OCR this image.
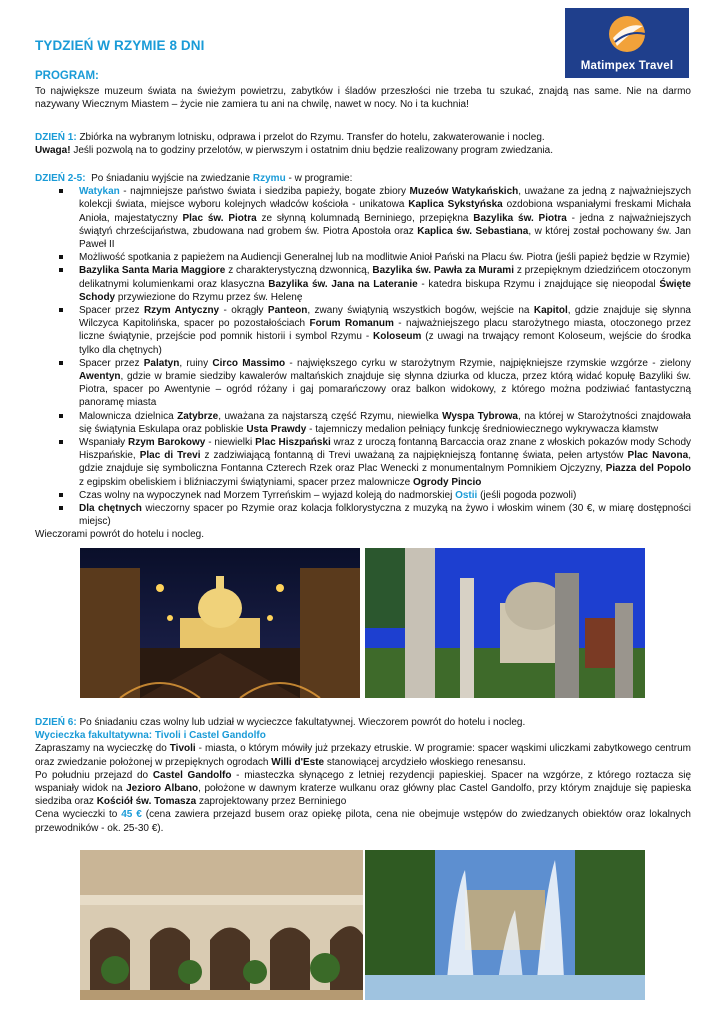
TYDZIEŃ W RZYMIE 8 DNI
Matimpex Travel
PROGRAM:
To największe muzeum świata na świeżym powietrzu, zabytków i śladów przeszłości nie trzeba tu szukać, znajdą nas same. Nie na darmo nazywany Wiecznym Miastem – życie nie zamiera tu ani na chwilę, nawet w nocy. No i ta kuchnia!
DZIEŃ 1: Zbiórka na wybranym lotnisku, odprawa i przelot do Rzymu. Transfer do hotelu, zakwaterowanie i nocleg.
Uwaga! Jeśli pozwolą na to godziny przelotów, w pierwszym i ostatnim dniu będzie realizowany program zwiedzania.
DZIEŃ 2-5: Po śniadaniu wyjście na zwiedzanie Rzymu - w programie:
Watykan - najmniejsze państwo świata i siedziba papieży, bogate zbiory Muzeów Watykańskich, uważane za jedną z najważniejszych kolekcji świata, miejsce wyboru kolejnych władców kościoła - unikatowa Kaplica Sykstyńska ozdobiona wspaniałymi freskami Michała Anioła, majestatyczny Plac św. Piotra ze słynną kolumnadą Berniniego, przepiękna Bazylika św. Piotra - jedna z najważniejszych świątyń chrześcijaństwa, zbudowana nad grobem św. Piotra Apostoła oraz Kaplica św. Sebastiana, w której został pochowany św. Jan Paweł II
Możliwość spotkania z papieżem na Audiencji Generalnej lub na modlitwie Anioł Pański na Placu św. Piotra (jeśli papież będzie w Rzymie)
Bazylika Santa Maria Maggiore z charakterystyczną dzwonnicą, Bazylika św. Pawła za Murami z przepięknym dziedzińcem otoczonym delikatnymi kolumienkami oraz klasyczna Bazylika św. Jana na Lateranie - katedra biskupa Rzymu i znajdujące się nieopodal Święte Schody przywiezione do Rzymu przez św. Helenę
Spacer przez Rzym Antyczny - okrągły Panteon, zwany świątynią wszystkich bogów, wejście na Kapitol, gdzie znajduje się słynna Wilczyca Kapitolińska, spacer po pozostałościach Forum Romanum - najważniejszego placu starożytnego miasta, otoczonego przez liczne świątynie, przejście pod pomnik historii i symbol Rzymu - Koloseum (z uwagi na trwający remont Koloseum, wejście do środka tylko dla chętnych)
Spacer przez Palatyn, ruiny Circo Massimo - największego cyrku w starożytnym Rzymie, najpiękniejsze rzymskie wzgórze - zielony Awentyn, gdzie w bramie siedziby kawalerów maltańskich znajduje się słynna dziurka od klucza, przez którą widać kopułę Bazyliki św. Piotra, spacer po Awentynie – ogród różany i gaj pomarańczowy oraz balkon widokowy, z którego można podziwiać fantastyczną panoramę miasta
Malownicza dzielnica Zatybrze, uważana za najstarszą część Rzymu, niewielka Wyspa Tybrowa, na której w Starożytności znajdowała się świątynia Eskulapa oraz pobliskie Usta Prawdy - tajemniczy medalion pełniący funkcję średniowiecznego wykrywacza kłamstw
Wspaniały Rzym Barokowy - niewielki Plac Hiszpański wraz z uroczą fontanną Barcaccia oraz znane z włoskich pokazów mody Schody Hiszpańskie, Plac di Trevi z zadziwiającą fontanną di Trevi uważaną za najpiękniejszą fontannę świata, pełen artystów Plac Navona, gdzie znajduje się symboliczna Fontanna Czterech Rzek oraz Plac Wenecki z monumentalnym Pomnikiem Ojczyzny, Piazza del Popolo z egipskim obeliskiem i bliźniaczymi świątyniami, spacer przez malownicze Ogrody Pincio
Czas wolny na wypoczynek nad Morzem Tyrreńskim – wyjazd koleją do nadmorskiej Ostii (jeśli pogoda pozwoli)
Dla chętnych wieczorny spacer po Rzymie oraz kolacja folklorystyczna z muzyką na żywo i włoskim winem (30 €, w miarę dostępności miejsc)
Wieczorami powrót do hotelu i nocleg.
DZIEŃ 6: Po śniadaniu czas wolny lub udział w wycieczce fakultatywnej. Wieczorem powrót do hotelu i nocleg.
Wycieczka fakultatywna: Tivoli i Castel Gandolfo
Zapraszamy na wycieczkę do Tivoli - miasta, o którym mówiły już przekazy etruskie. W programie: spacer wąskimi uliczkami zabytkowego centrum oraz zwiedzanie położonej w przepięknych ogrodach Willi d'Este stanowiącej arcydzieło włoskiego renesansu.
Po południu przejazd do Castel Gandolfo - miasteczka słynącego z letniej rezydencji papieskiej. Spacer na wzgórze, z którego roztacza się wspaniały widok na Jezioro Albano, położone w dawnym kraterze wulkanu oraz główny plac Castel Gandolfo, przy którym znajduje się papieska siedziba oraz Kościół św. Tomasza zaprojektowany przez Berniniego
Cena wycieczki to 45 € (cena zawiera przejazd busem oraz opiekę pilota, cena nie obejmuje wstępów do zwiedzanych obiektów oraz lokalnych przewodników - ok. 25-30 €).
